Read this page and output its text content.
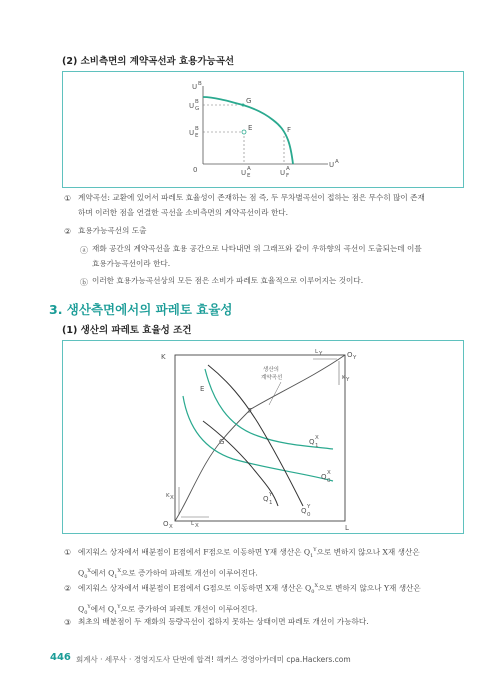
(2) 소비측면의 계약곡선과 효용가능곡선
U B
U A
0
U B
G
U B
E
U A
E	U A
F
G
E	F
① 계약곡선: 교환에 있어서 파레토 효율성이 존재하는 점 즉, 두 무차별곡선이 접하는 점은 무수히 많이 존재
하며 이러한 점을 연결한 곡선을 소비측면의 계약곡선이라 한다.
② 효용가능곡선의 도출
ⓐ 재화 공간의 계약곡선을 효용 공간으로 나타내면 위 그래프와 같이 우하향의 곡선이 도출되는데 이를
효용가능곡선이라 한다.
ⓑ 이러한 효용가능곡선상의 모든 점은 소비가 파레토 효율적으로 이루어지는 것이다.
3. 생산측면에서의 파레토 효율성
(1) 생산의 파레토 효율성 조건
K
L
O Y
O X
L Y
K Y
K X
L X
생산의
계약곡선
E
F
G	Q X
1
Q X
0
Q Y
1
Q Y
0
① 에지워스 상자에서 배분점이 E점에서 F점으로 이동하면 Y재 생산은 $Q_1^Y$으로 변하지 않으나 X재 생산은
$Q_0^X$에서 $Q_1^X$으로 증가하여 파레토 개선이 이루어진다.
② 에지워스 상자에서 배분점이 E점에서 G점으로 이동하면 X재 생산은 $Q_0^X$으로 변하지 않으나 Y재 생산은
$Q_0^Y$에서 $Q_1^Y$으로 증가하여 파레토 개선이 이루어진다.
③ 최초의 배분점이 두 재화의 등량곡선이 접하지 못하는 상태이면 파레토 개선이 가능하다.
446 회계사 · 세무사 · 경영지도사 단번에 합격! 해커스 경영아카데미 cpa.Hackers.com
